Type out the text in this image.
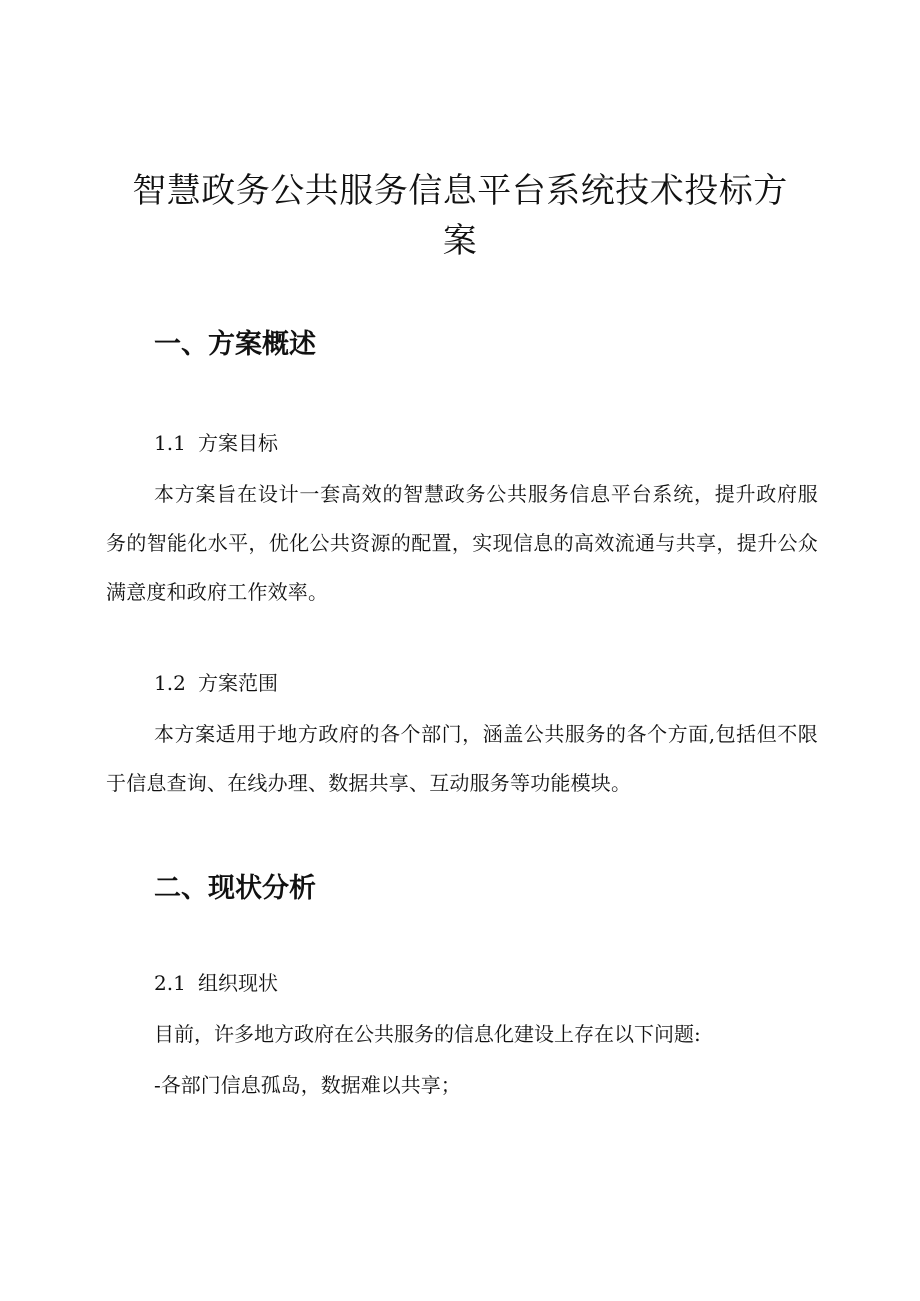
智慧政务公共服务信息平台系统技术投标方案
一、方案概述
1.1 方案目标
本方案旨在设计一套高效的智慧政务公共服务信息平台系统，提升政府服务的智能化水平，优化公共资源的配置，实现信息的高效流通与共享，提升公众满意度和政府工作效率。
1.2 方案范围
本方案适用于地方政府的各个部门，涵盖公共服务的各个方面,包括但不限于信息查询、在线办理、数据共享、互动服务等功能模块。
二、现状分析
2.1 组织现状
目前，许多地方政府在公共服务的信息化建设上存在以下问题:
-各部门信息孤岛，数据难以共享；
